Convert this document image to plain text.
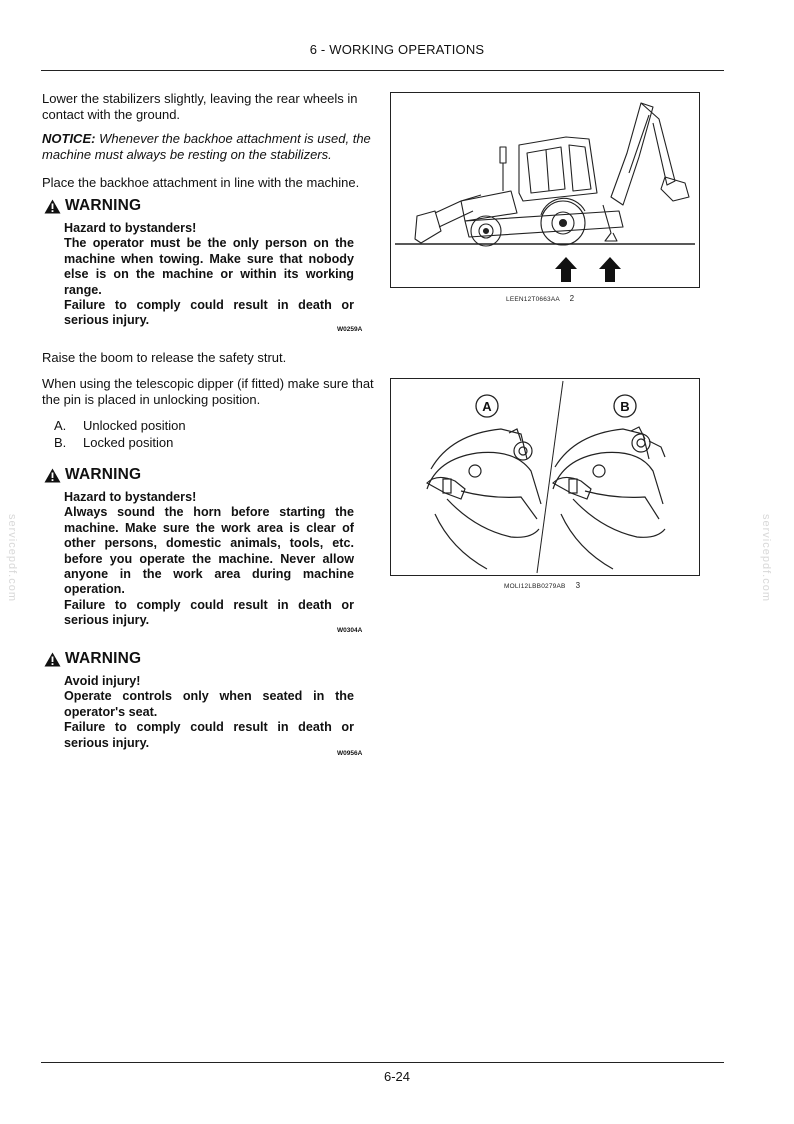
6 - WORKING OPERATIONS
servicepdf.com	servicepdf.com

Lower the stabilizers slightly, leaving the rear wheels in contact with the ground.

NOTICE: Whenever the backhoe attachment is used, the machine must always be resting on the stabilizers.

Place the backhoe attachment in line with the machine.

WARNING

Hazard to bystanders!

The operator must be the only person on the machine when towing. Make sure that nobody else is on the machine or within its working range.

Failure to comply could result in death or serious injury.

W0259A

Raise the boom to release the safety strut.

When using the telescopic dipper (if fitted) make sure that the pin is placed in unlocking position.

A.	Unlocked position
B.	Locked position
WARNING

Hazard to bystanders!

Always sound the horn before starting the machine. Make sure the work area is clear of other persons, domestic animals, tools, etc. before you operate the machine. Never allow anyone in the work area during machine operation.

Failure to comply could result in death or serious injury.

W0304A
WARNING

Avoid injury!

Operate controls only when seated in the operator's seat.

Failure to comply could result in death or serious injury.

W0956A
LEEN12T0663AA 2
A	B
MOLI12LBB0279AB 3
6-24
